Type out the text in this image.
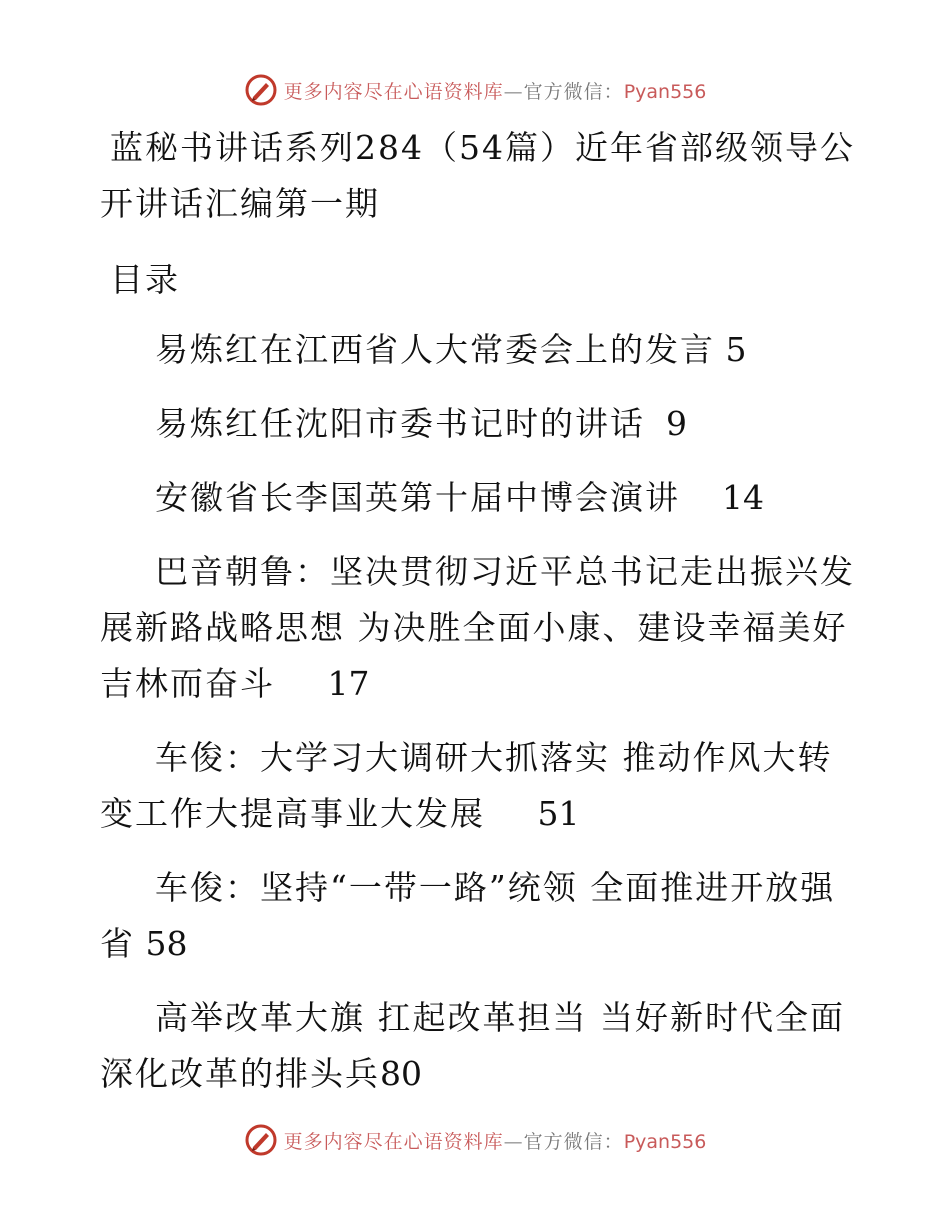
更多内容尽在心语资料库—官方微信：Pyan556
蓝秘书讲话系列284（54篇）近年省部级领导公开讲话汇编第一期
目录
易炼红在江西省人大常委会上的发言 5
易炼红任沈阳市委书记时的讲话  9
安徽省长李国英第十届中博会演讲    14
巴音朝鲁：坚决贯彻习近平总书记走出振兴发展新路战略思想 为决胜全面小康、建设幸福美好吉林而奋斗     17
车俊：大学习大调研大抓落实 推动作风大转变工作大提高事业大发展     51
车俊：坚持“一带一路”统领 全面推进开放强省 58
高举改革大旗 扛起改革担当 当好新时代全面深化改革的排头兵80
更多内容尽在心语资料库—官方微信：Pyan556
